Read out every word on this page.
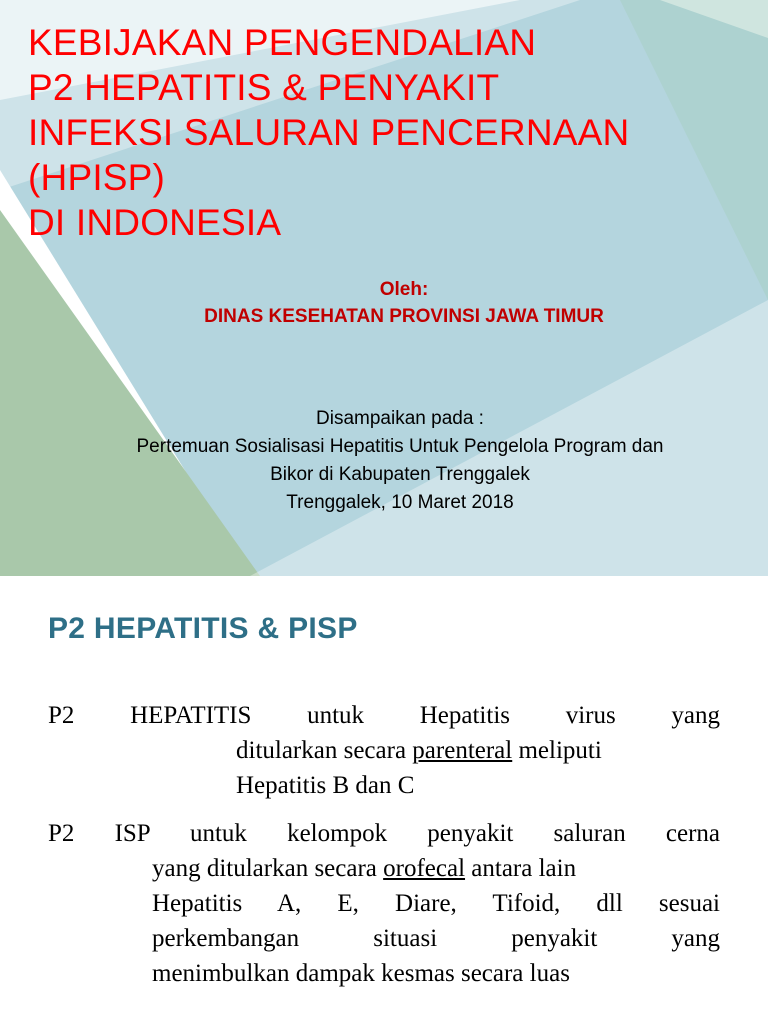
KEBIJAKAN PENGENDALIAN
P2 HEPATITIS & PENYAKIT
INFEKSI SALURAN PENCERNAAN
(HPISP)
DI INDONESIA
Oleh:
DINAS KESEHATAN PROVINSI JAWA TIMUR
Disampaikan pada :
Pertemuan Sosialisasi Hepatitis Untuk Pengelola Program dan
Bikor di Kabupaten Trenggalek
Trenggalek, 10 Maret 2018
P2 HEPATITIS & PISP
P2 HEPATITIS untuk Hepatitis virus yang
ditularkan secara parenteral meliputi
Hepatitis B dan C
P2 ISP untuk kelompok penyakit saluran cerna
yang ditularkan secara orofecal antara lain
Hepatitis A, E, Diare, Tifoid, dll sesuai
perkembangan situasi penyakit yang
menimbulkan dampak kesmas secara luas
